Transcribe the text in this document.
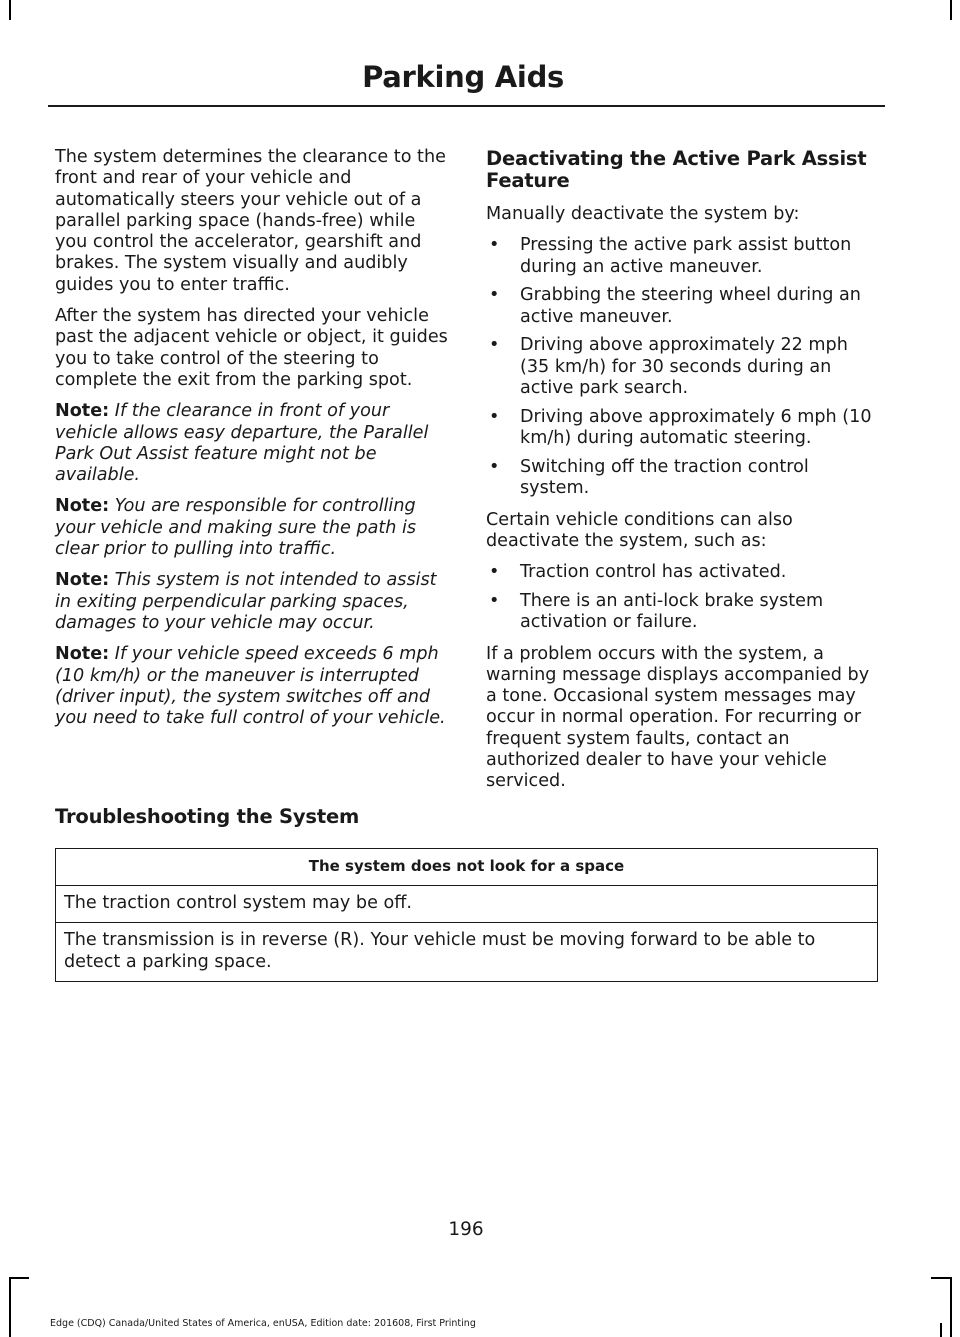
Parking Aids

The system determines the clearance to the front and rear of your vehicle and automatically steers your vehicle out of a parallel parking space (hands-free) while you control the accelerator, gearshift and brakes. The system visually and audibly guides you to enter traffic.

After the system has directed your vehicle past the adjacent vehicle or object, it guides you to take control of the steering to complete the exit from the parking spot.

Note: If the clearance in front of your vehicle allows easy departure, the Parallel Park Out Assist feature might not be available.

Note: You are responsible for controlling your vehicle and making sure the path is clear prior to pulling into traffic.

Note: This system is not intended to assist in exiting perpendicular parking spaces, damages to your vehicle may occur.

Note: If your vehicle speed exceeds 6 mph (10 km/h) or the maneuver is interrupted (driver input), the system switches off and you need to take full control of your vehicle.

Deactivating the Active Park Assist Feature

Manually deactivate the system by:

• Pressing the active park assist button during an active maneuver.
• Grabbing the steering wheel during an active maneuver.
• Driving above approximately 22 mph (35 km/h) for 30 seconds during an active park search.
• Driving above approximately 6 mph (10 km/h) during automatic steering.
• Switching off the traction control system.

Certain vehicle conditions can also deactivate the system, such as:

• Traction control has activated.
• There is an anti-lock brake system activation or failure.

If a problem occurs with the system, a warning message displays accompanied by a tone. Occasional system messages may occur in normal operation. For recurring or frequent system faults, contact an authorized dealer to have your vehicle serviced.

Troubleshooting the System
The system does not look for a space
The traction control system may be off.
The transmission is in reverse (R). Your vehicle must be moving forward to be able to detect a parking space.

196

Edge (CDQ) Canada/United States of America, enUSA, Edition date: 201608, First Printing
